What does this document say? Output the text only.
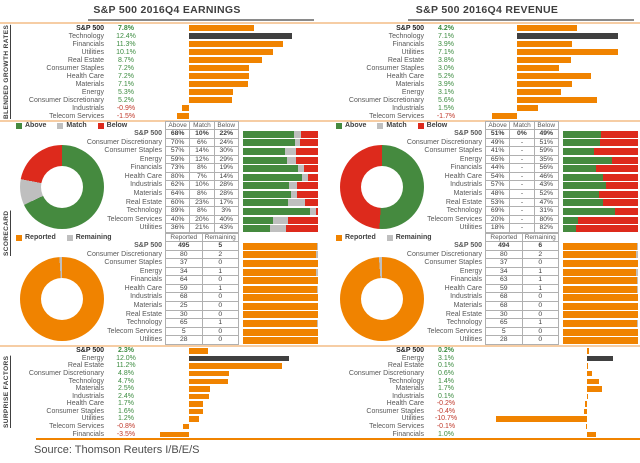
S&P 500 2016Q4 EARNINGS	S&P 500 2016Q4 REVENUE
BLENDED GROWTH RATES
SCORECARD
SURPRISE FACTORS
S&P 500	7.8%
Technology	12.4%
Financials	11.3%
Utilities	10.1%
Real Estate	8.7%
Consumer Staples	7.2%
Health Care	7.2%
Materials	7.1%
Energy	5.3%
Consumer Discretionary	5.2%
Industrials	-0.9%
Telecom Services	-1.5%
S&P 500	4.2%
Technology	7.1%
Financials	3.9%
Utilities	7.1%
Real Estate	3.8%
Consumer Staples	3.0%
Health Care	5.2%
Materials	3.9%
Energy	3.1%
Consumer Discretionary	5.6%
Industrials	1.5%
Telecom Services	-1.7%
Above	Match	Below	Above Match	Below
S&P 500	68%	10%	22%
Consumer Discretionary	70%	6%	24%
Consumer Staples	57%	14%	30%
Energy	59%	12%	29%
Financials	73%	8%	19%
Health Care	80%	7%	14%
Industrials	62%	10%	28%
Materials	64%	8%	28%
Real Estate	60%	23%	17%
Technology	89%	8%	3%
Telecom Services	40%	20%	40%
Utilities	36%	21%	43%
Above	Match	Below	Above Match	Below
S&P 500	51%	0%	49%
Consumer Discretionary	49%	-	51%
Consumer Staples	41%	-	59%
Energy	65%	-	35%
Financials	44%	-	56%
Health Care	54%	-	46%
Industrials	57%	-	43%
Materials	48%	-	52%
Real Estate	53%	-	47%
Technology	69%	-	31%
Telecom Services	20%	-	80%
Utilities	18%	-	82%
Reported	Remaining	Reported	Remaining
S&P 500	495	5
Consumer Discretionary	80	2
Consumer Staples	37	0
Energy	34	1
Financials	64	0
Health Care	59	1
Industrials	68	0
Materials	25	0
Real Estate	30	0
Technology	65	1
Telecom Services	5	0
Utilities	28	0
Reported	Remaining	Reported	Remaining
S&P 500	494	6
Consumer Discretionary	80	2
Consumer Staples	37	0
Energy	34	1
Financials	63	1
Health Care	59	1
Industrials	68	0
Materials	68	0
Real Estate	30	0
Technology	65	1
Telecom Services	5	0
Utilities	28	0
S&P 500	2.3%
Energy	12.0%
Real Estate	11.2%
Consumer Discretionary	4.8%
Technology	4.7%
Materials	2.5%
Industrials	2.4%
Health Care	1.7%
Consumer Staples	1.6%
Utilities	1.2%
Telecom Services	-0.8%
Financials	-3.5%
S&P 500	0.2%
Energy	3.1%
Real Estate	0.1%
Consumer Discretionary	0.6%
Technology	1.4%
Materials	1.7%
Industrials	0.1%
Health Care	-0.2%
Consumer Staples	-0.4%
Utilities	-10.7%
Telecom Services	-0.1%
Financials	1.0%
Source: Thomson Reuters I/B/E/S
